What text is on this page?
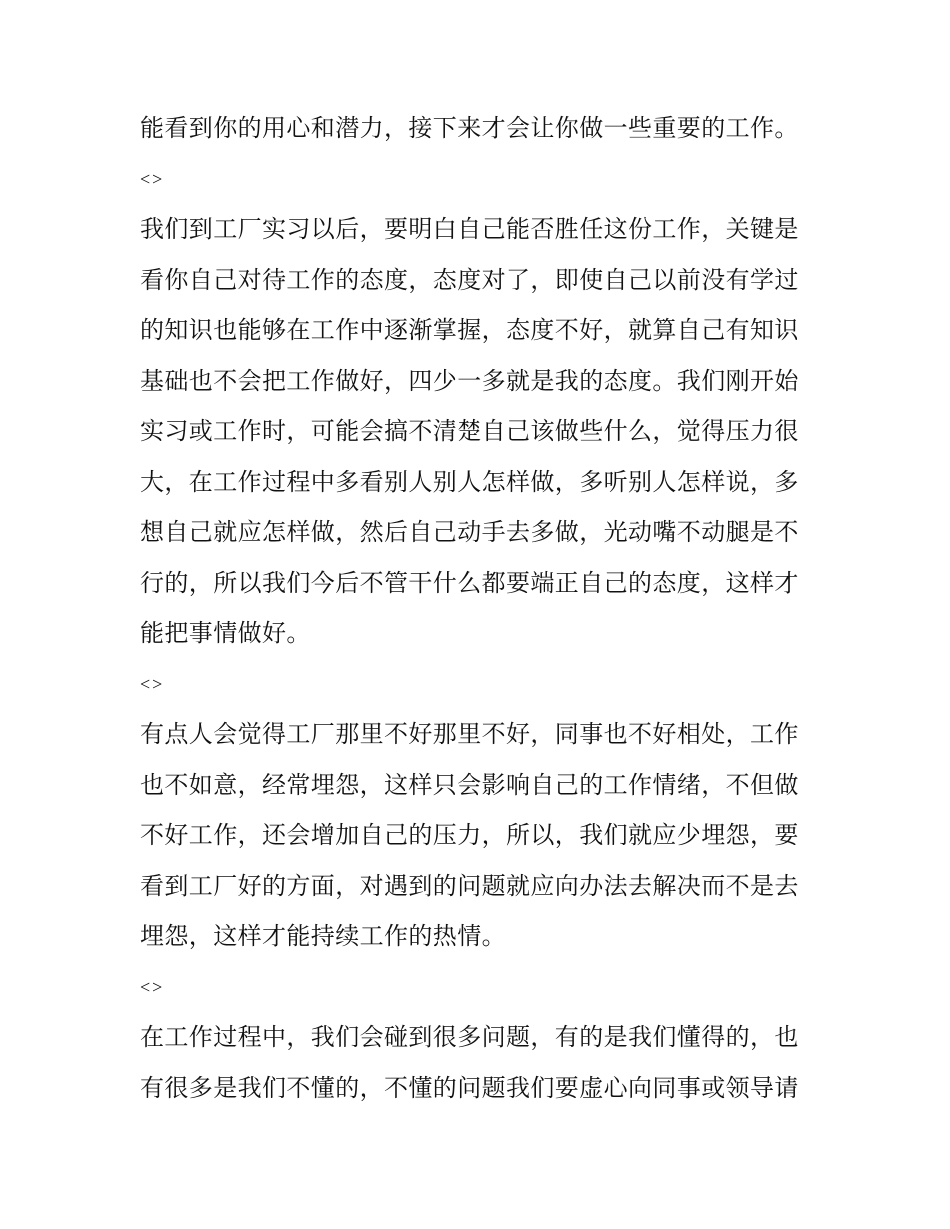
能看到你的用心和潜力，接下来才会让你做一些重要的工作。
<>
我们到工厂实习以后，要明白自己能否胜任这份工作，关键是
看你自己对待工作的态度，态度对了，即使自己以前没有学过
的知识也能够在工作中逐渐掌握，态度不好，就算自己有知识
基础也不会把工作做好，四少一多就是我的态度。我们刚开始
实习或工作时，可能会搞不清楚自己该做些什么，觉得压力很
大，在工作过程中多看别人别人怎样做，多听别人怎样说，多
想自己就应怎样做，然后自己动手去多做，光动嘴不动腿是不
行的，所以我们今后不管干什么都要端正自己的态度，这样才
能把事情做好。
<>
有点人会觉得工厂那里不好那里不好，同事也不好相处，工作
也不如意，经常埋怨，这样只会影响自己的工作情绪，不但做
不好工作，还会增加自己的压力，所以，我们就应少埋怨，要
看到工厂好的方面，对遇到的问题就应向办法去解决而不是去
埋怨，这样才能持续工作的热情。
<>
在工作过程中，我们会碰到很多问题，有的是我们懂得的，也
有很多是我们不懂的，不懂的问题我们要虚心向同事或领导请
